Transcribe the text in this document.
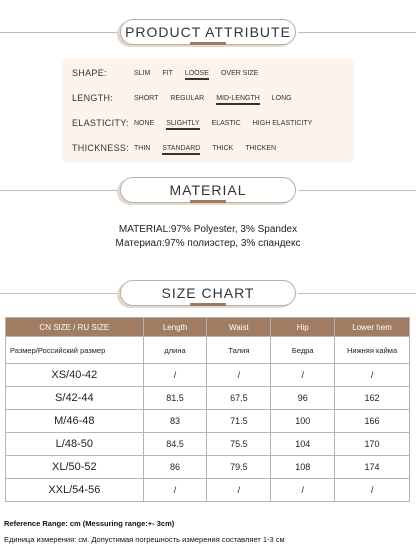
PRODUCT ATTRIBUTE
SHAPE:	SLIM FIT LOOSE OVER SIZE
LENGTH:	SHORT REGULAR MID-LENGTH LONG
ELASTICITY: NONE SLIGHTLY ELASTIC HIGH ELASTICITY
THICKNESS: THIN STANDARD THICK THICKEN
MATERIAL
MATERIAL:97% Polyester, 3% Spandex
Материал:97% полиэстер, 3% спандекс
SIZE CHART
CN SIZE / RU SIZE	Length	Waist	Hip	Lower hem
Размер/Российский размер	длина	Талия	Бедра	Нижняя кайма
XS/40-42	/	/	/	/
S/42-44	81.5	67.5	96	162
M/46-48	83	71.5	100	166
L/48-50	84.5	75.5	104	170
XL/50-52	86	79.5	108	174
XXL/54-56	/	/	/	/
Reference Range: cm (Messuring range:+- 3cm)
Единица измерения: см. Допустимая погрешность измерения составляет 1-3 см
